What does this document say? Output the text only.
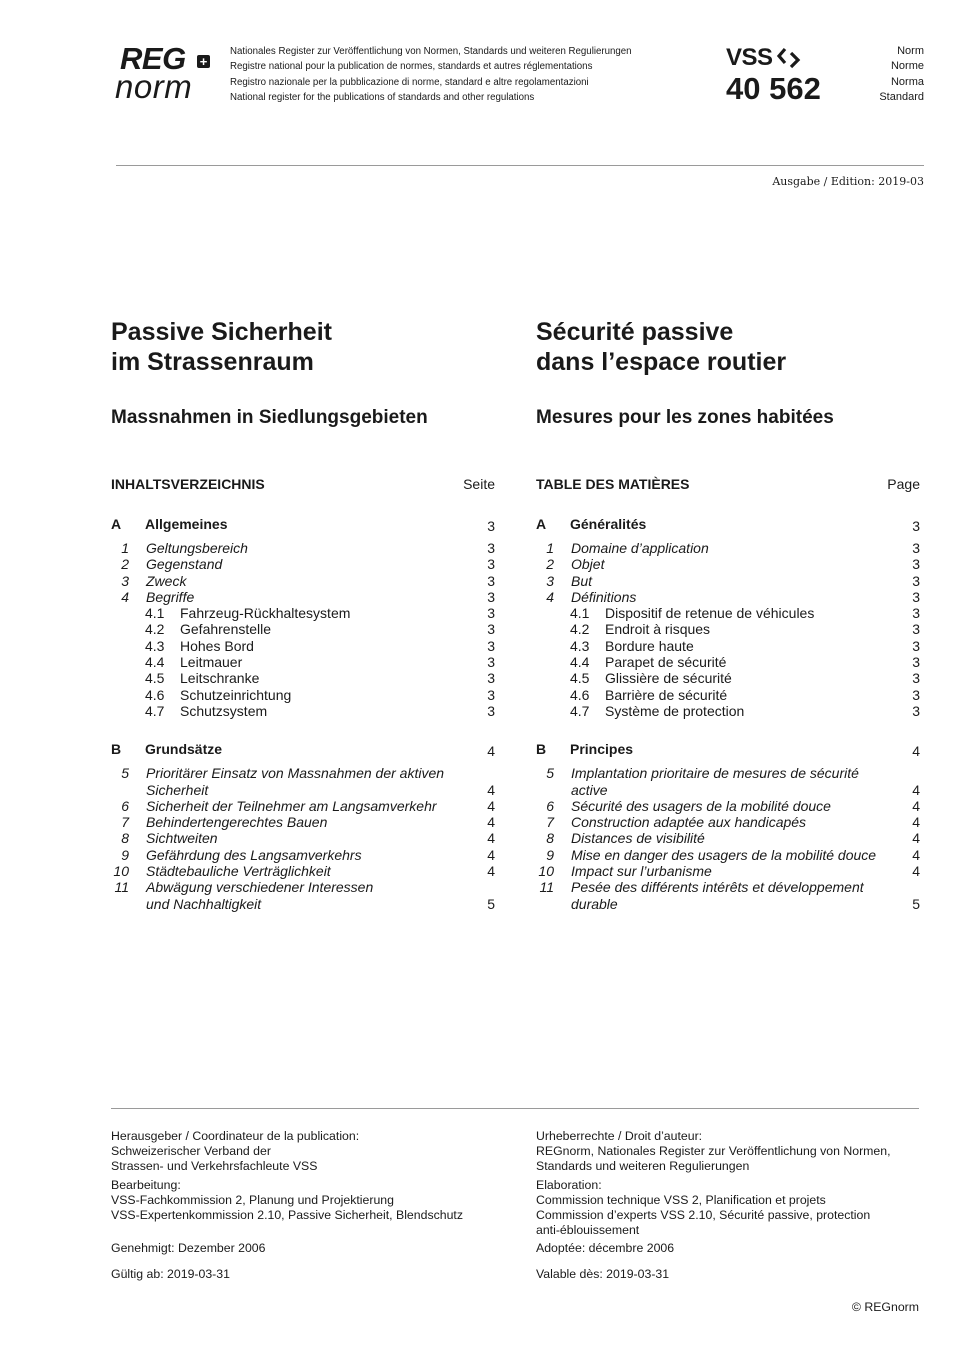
REG +
norm
Nationales Register zur Veröffentlichung von Normen, Standards und weiteren Regulierungen
Registre national pour la publication de normes, standards et autres réglementations
Registro nazionale per la pubblicazione di norme, standard e altre regolamentazioni
National register for the publications of standards and other regulations
VSS
40 562
Norm
Norme
Norma
Standard
Ausgabe / Edition: 2019-03
Passive Sicherheit
im Strassenraum
Sécurité passive
dans l’espace routier
Massnahmen in Siedlungsgebieten	Mesures pour les zones habitées
INHALTSVERZEICHNIS	Seite
A Allgemeines	3
1 Geltungsbereich	3
2 Gegenstand	3
3 Zweck	3
4 Begriffe	3
4.1 Fahrzeug-Rückhaltesystem	3
4.2 Gefahrenstelle	3
4.3 Hohes Bord	3
4.4 Leitmauer	3
4.5 Leitschranke	3
4.6 Schutzeinrichtung	3
4.7 Schutzsystem	3
B Grundsätze	4
5 Prioritärer Einsatz von Massnahmen der aktiven
Sicherheit	4
6 Sicherheit der Teilnehmer am Langsamverkehr	4
7 Behindertengerechtes Bauen	4
8 Sichtweiten	4
9 Gefährdung des Langsamverkehrs	4
10 Städtebauliche Verträglichkeit	4
11 Abwägung verschiedener Interessen
und Nachhaltigkeit	5
TABLE DES MATIÈRES	Page
A Généralités	3
1 Domaine d’application	3
2 Objet	3
3 But	3
4 Définitions	3
4.1 Dispositif de retenue de véhicules	3
4.2 Endroit à risques	3
4.3 Bordure haute	3
4.4 Parapet de sécurité	3
4.5 Glissière de sécurité	3
4.6 Barrière de sécurité	3
4.7 Système de protection	3
B Principes	4
5 Implantation prioritaire de mesures de sécurité
active	4
6 Sécurité des usagers de la mobilité douce	4
7 Construction adaptée aux handicapés	4
8 Distances de visibilité	4
9 Mise en danger des usagers de la mobilité douce	4
10 Impact sur l’urbanisme	4
11 Pesée des différents intérêts et développement
durable	5
Herausgeber / Coordinateur de la publication:
Schweizerischer Verband der
Strassen- und Verkehrsfachleute VSS
Bearbeitung:
VSS-Fachkommission 2, Planung und Projektierung
VSS-Expertenkommission 2.10, Passive Sicherheit, Blendschutz
Genehmigt: Dezember 2006
Gültig ab: 2019-03-31
Urheberrechte / Droit d’auteur:
REGnorm, Nationales Register zur Veröffentlichung von Normen,
Standards und weiteren Regulierungen
Elaboration:
Commission technique VSS 2, Planification et projets
Commission d’experts VSS 2.10, Sécurité passive, protection
anti-éblouissement
Adoptée: décembre 2006
Valable dès: 2019-03-31
© REGnorm
